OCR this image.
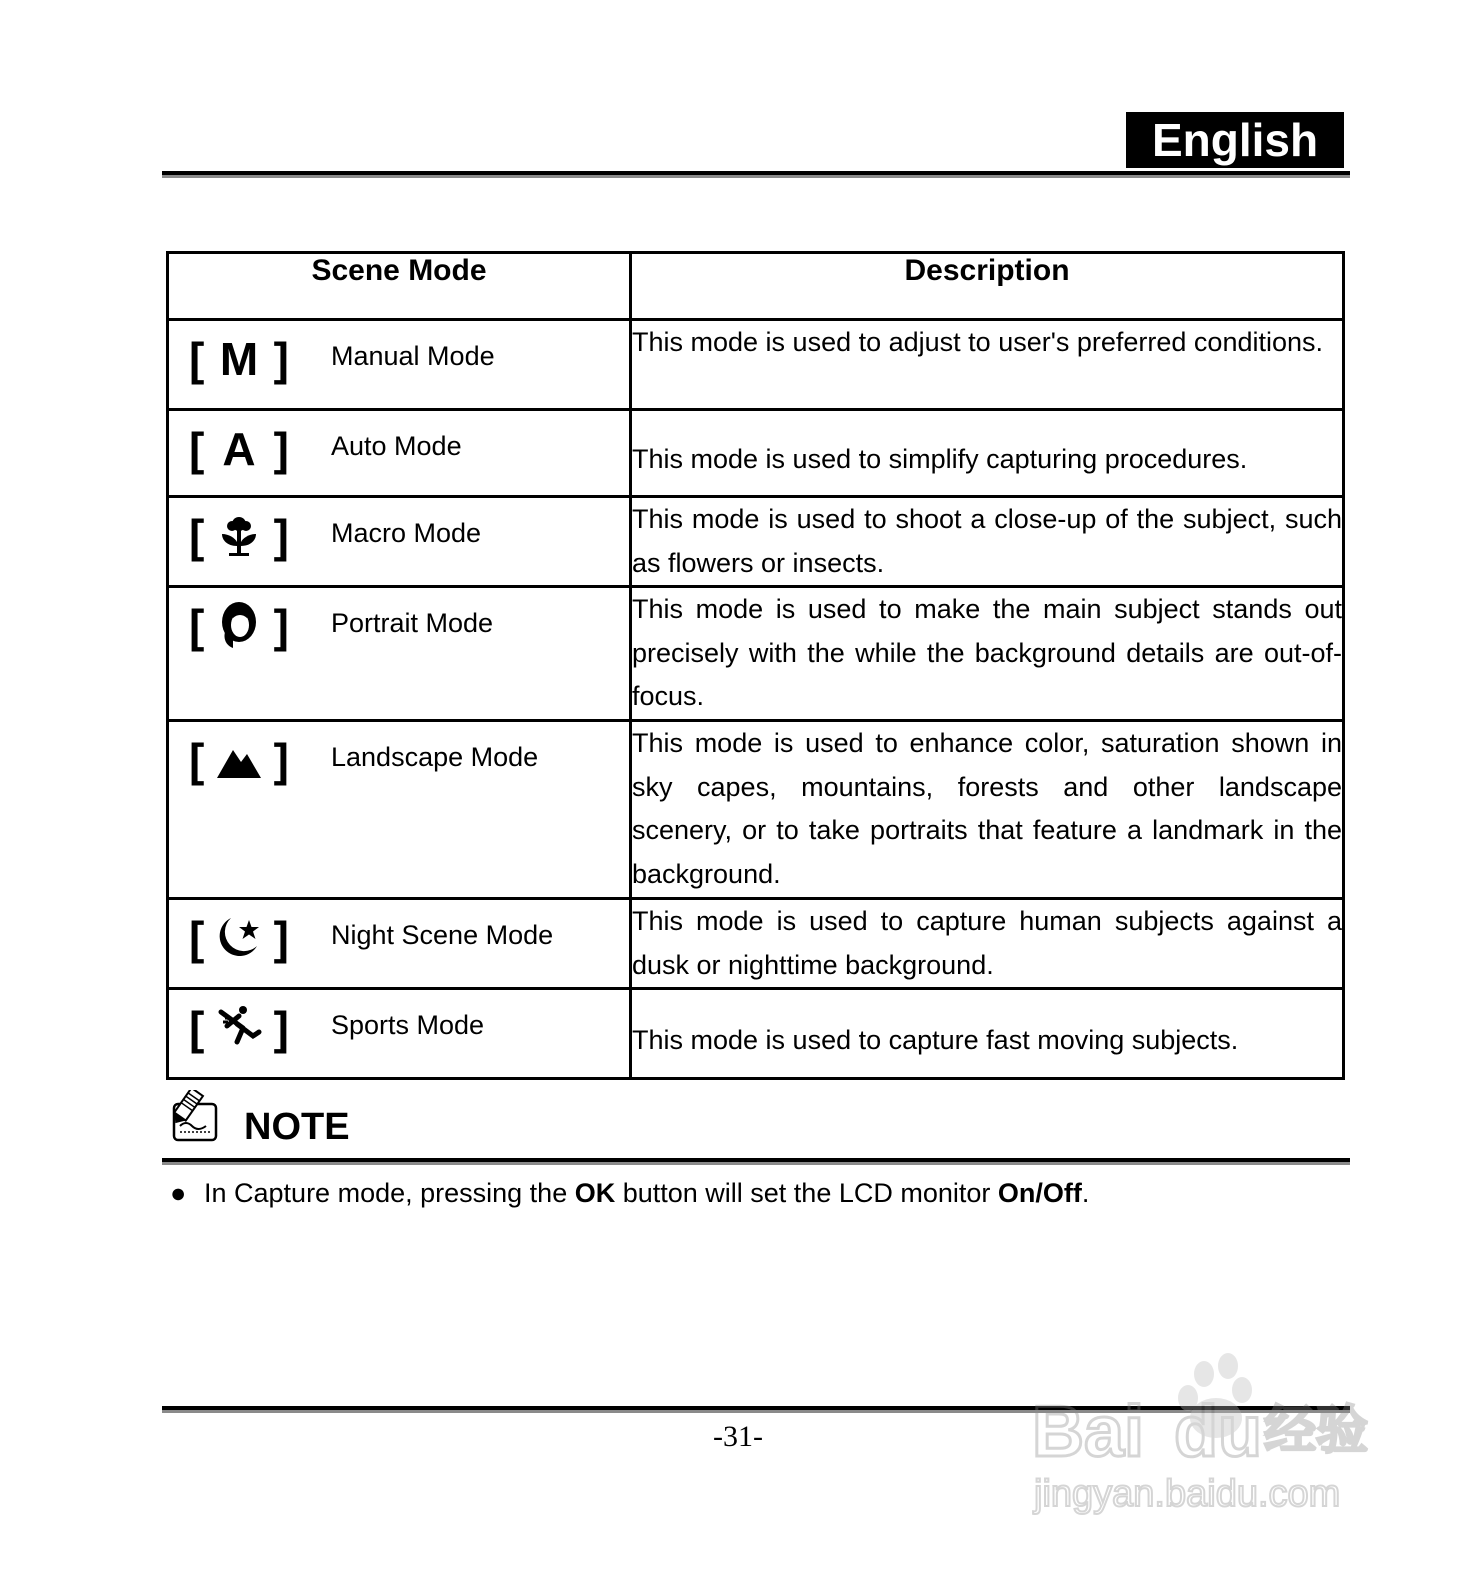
English
Scene Mode	Description

[ M ] Manual Mode	This mode is used to adjust to user's preferred conditions.

[ A ] Auto Mode	This mode is used to simplify capturing procedures.

[ ] Macro Mode	This mode is used to shoot a close-up of the subject, such as flowers or insects.

[ ] Portrait Mode	This mode is used to make the main subject stands out precisely with the while the background details are out-of-focus.

[ ] Landscape Mode	This mode is used to enhance color, saturation shown in sky capes, mountains, forests and other landscape scenery, or to take portraits that feature a landmark in the background.

[ ] Night Scene Mode	This mode is used to capture human subjects against a dusk or nighttime background.

[ ] Sports Mode	This mode is used to capture fast moving subjects.
NOTE
● In Capture mode, pressing the OK button will set the LCD monitor On/Off.
-31-	Bai du 经验
jingyan.baidu.com
